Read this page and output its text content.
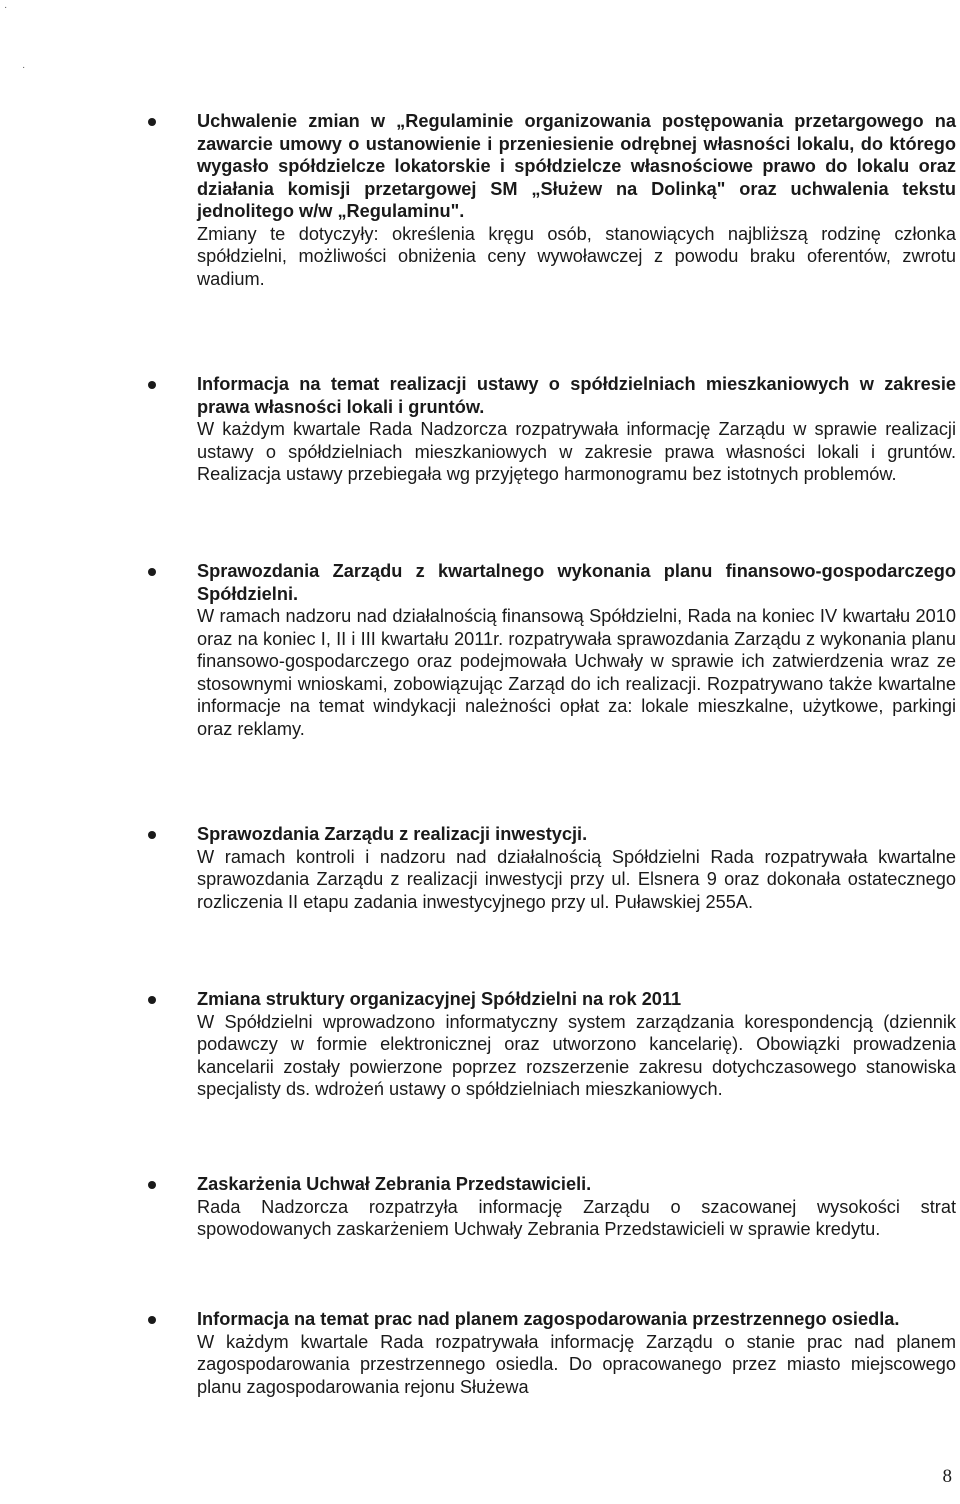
·
·
Uchwalenie zmian w „Regulaminie organizowania postępowania przetargowego na zawarcie umowy o ustanowienie i przeniesienie odrębnej własności lokalu, do którego wygasło spółdzielcze lokatorskie i spółdzielcze własnościowe prawo do lokalu oraz działania komisji przetargowej SM „Służew na Dolinką" oraz uchwalenia tekstu jednolitego w/w „Regulaminu".
Zmiany te dotyczyły: określenia kręgu osób, stanowiących najbliższą rodzinę członka spółdzielni, możliwości obniżenia ceny wywoławczej z powodu braku oferentów, zwrotu wadium.
Informacja na temat realizacji ustawy o spółdzielniach mieszkaniowych w zakresie prawa własności lokali i gruntów.
W każdym kwartale Rada Nadzorcza rozpatrywała informację Zarządu w sprawie realizacji ustawy o spółdzielniach mieszkaniowych w zakresie prawa własności lokali i gruntów. Realizacja ustawy przebiegała wg przyjętego harmonogramu bez istotnych problemów.
Sprawozdania Zarządu z kwartalnego wykonania planu finansowo-gospodarczego Spółdzielni.
W ramach nadzoru nad działalnością finansową Spółdzielni, Rada na koniec IV kwartału 2010 oraz na koniec I, II i III kwartału 2011r. rozpatrywała sprawozdania Zarządu z wykonania planu finansowo-gospodarczego oraz podejmowała Uchwały w sprawie ich zatwierdzenia wraz ze stosownymi wnioskami, zobowiązując Zarząd do ich realizacji. Rozpatrywano także kwartalne informacje na temat windykacji należności opłat za: lokale mieszkalne, użytkowe, parkingi oraz reklamy.
Sprawozdania Zarządu z realizacji inwestycji.
W ramach kontroli i nadzoru nad działalnością Spółdzielni Rada rozpatrywała kwartalne sprawozdania Zarządu z realizacji inwestycji przy ul. Elsnera 9 oraz dokonała ostatecznego rozliczenia II etapu zadania inwestycyjnego przy ul. Puławskiej 255A.
Zmiana struktury organizacyjnej Spółdzielni na rok 2011
W Spółdzielni wprowadzono informatyczny system zarządzania korespondencją (dziennik podawczy w formie elektronicznej oraz utworzono kancelarię). Obowiązki prowadzenia kancelarii zostały powierzone poprzez rozszerzenie zakresu dotychczasowego stanowiska specjalisty ds. wdrożeń ustawy o spółdzielniach mieszkaniowych.
Zaskarżenia Uchwał Zebrania Przedstawicieli.
Rada Nadzorcza rozpatrzyła informację Zarządu o szacowanej wysokości strat spowodowanych zaskarżeniem Uchwały Zebrania Przedstawicieli w sprawie kredytu.
Informacja na temat prac nad planem zagospodarowania przestrzennego osiedla.
W każdym kwartale Rada rozpatrywała informację Zarządu o stanie prac nad planem zagospodarowania przestrzennego osiedla. Do opracowanego przez miasto miejscowego planu zagospodarowania rejonu Służewa
8
